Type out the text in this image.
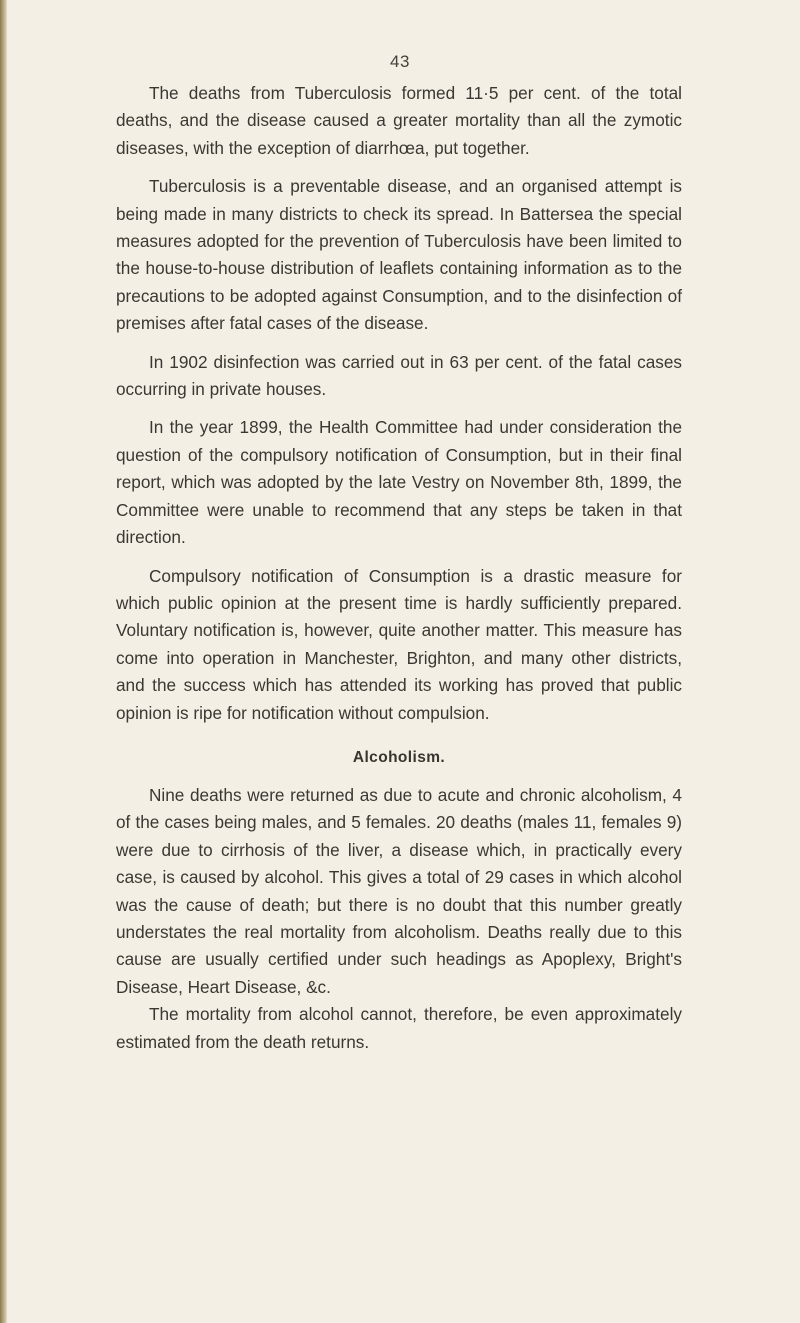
43

The deaths from Tuberculosis formed 11·5 per cent. of the total deaths, and the disease caused a greater mortality than all the zymotic diseases, with the exception of diarrhœa, put together.

Tuberculosis is a preventable disease, and an organised attempt is being made in many districts to check its spread. In Battersea the special measures adopted for the prevention of Tuberculosis have been limited to the house-to-house distribution of leaflets containing information as to the precautions to be adopted against Consumption, and to the disinfection of premises after fatal cases of the disease.

In 1902 disinfection was carried out in 63 per cent. of the fatal cases occurring in private houses.

In the year 1899, the Health Committee had under consideration the question of the compulsory notification of Consumption, but in their final report, which was adopted by the late Vestry on November 8th, 1899, the Committee were unable to recommend that any steps be taken in that direction.

Compulsory notification of Consumption is a drastic measure for which public opinion at the present time is hardly sufficiently prepared. Voluntary notification is, however, quite another matter. This measure has come into operation in Manchester, Brighton, and many other districts, and the success which has attended its working has proved that public opinion is ripe for notification without compulsion.

Alcoholism.

Nine deaths were returned as due to acute and chronic alcoholism, 4 of the cases being males, and 5 females. 20 deaths (males 11, females 9) were due to cirrhosis of the liver, a disease which, in practically every case, is caused by alcohol. This gives a total of 29 cases in which alcohol was the cause of death; but there is no doubt that this number greatly understates the real mortality from alcoholism. Deaths really due to this cause are usually certified under such headings as Apoplexy, Bright's Disease, Heart Disease, &c.

The mortality from alcohol cannot, therefore, be even approximately estimated from the death returns.
